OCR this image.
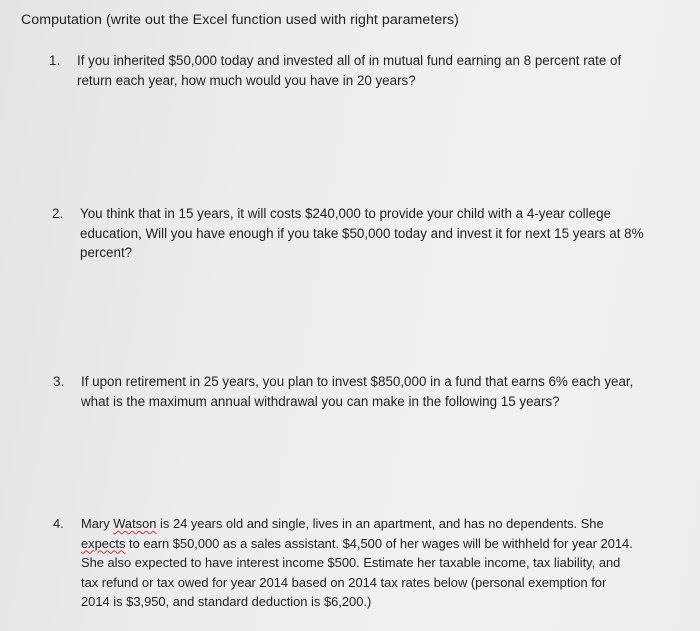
Computation (write out the Excel function used with right parameters)
1.	If you inherited $50,000 today and invested all of in mutual fund earning an 8 percent rate of
return each year, how much would you have in 20 years?
2.	You think that in 15 years, it will costs $240,000 to provide your child with a 4-year college
education, Will you have enough if you take $50,000 today and invest it for next 15 years at 8%
percent?
3.	If upon retirement in 25 years, you plan to invest $850,000 in a fund that earns 6% each year,
what is the maximum annual withdrawal you can make in the following 15 years?
4.	Mary Watson is 24 years old and single, lives in an apartment, and has no dependents. She
expects to earn $50,000 as a sales assistant. $4,500 of her wages will be withheld for year 2014.
She also expected to have interest income $500. Estimate her taxable income, tax liability, and
tax refund or tax owed for year 2014 based on 2014 tax rates below (personal exemption for
2014 is $3,950, and standard deduction is $6,200.)
